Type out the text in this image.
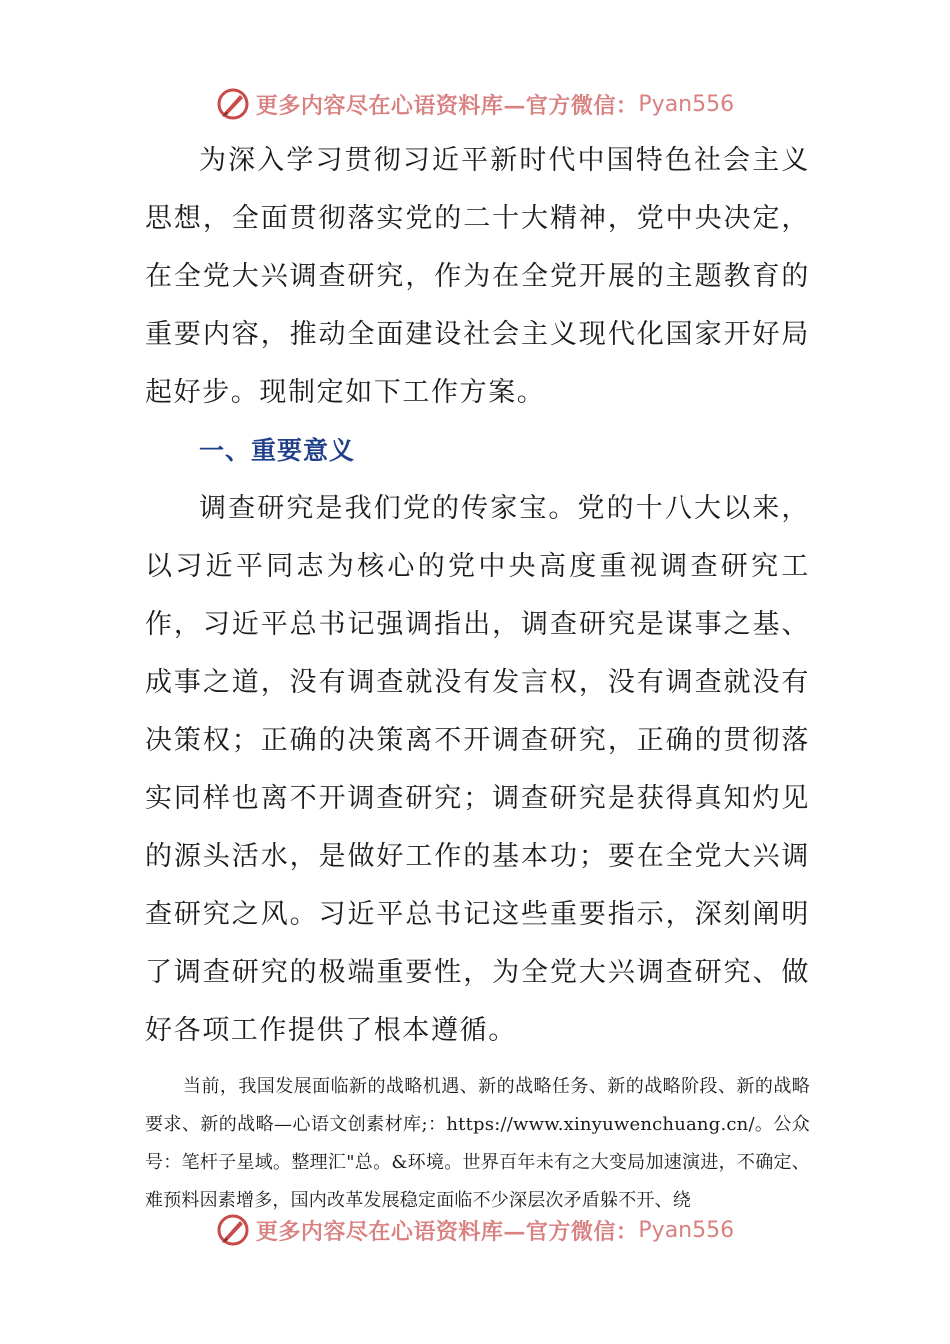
更多内容尽在心语资料库—官方微信： Pyan556

为深入学习贯彻习近平新时代中国特色社会主义思想，全面贯彻落实党的二十大精神，党中央决定，在全党大兴调查研究，作为在全党开展的主题教育的重要内容，推动全面建设社会主义现代化国家开好局起好步。现制定如下工作方案。

一、重要意义

调查研究是我们党的传家宝。党的十八大以来，以习近平同志为核心的党中央高度重视调查研究工作，习近平总书记强调指出，调查研究是谋事之基、成事之道，没有调查就没有发言权，没有调查就没有决策权；正确的决策离不开调查研究，正确的贯彻落实同样也离不开调查研究；调查研究是获得真知灼见的源头活水，是做好工作的基本功；要在全党大兴调查研究之风。习近平总书记这些重要指示，深刻阐明了调查研究的极端重要性，为全党大兴调查研究、做好各项工作提供了根本遵循。

当前，我国发展面临新的战略机遇、新的战略任务、新的战略阶段、新的战略要求、新的战略—心语文创素材库;：https://www.xinyuwenchuang.cn/。公众号：笔杆子星域。整理汇"总。&环境。世界百年未有之大变局加速演进，不确定、难预料因素增多，国内改革发展稳定面临不少深层次矛盾躲不开、绕

更多内容尽在心语资料库—官方微信： Pyan556
